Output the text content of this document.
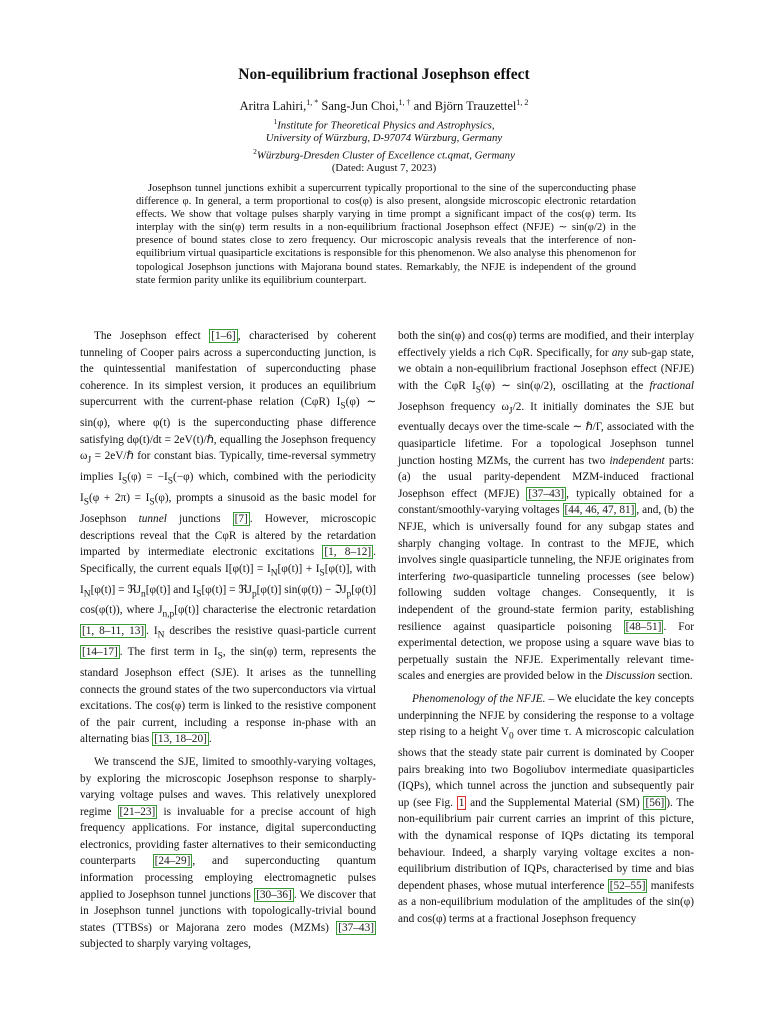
Non-equilibrium fractional Josephson effect
Aritra Lahiri,$^{1, *}$ Sang-Jun Choi,$^{1, \dagger}$ and Björn Trauzettel$^{1, 2}$
$^1$Institute for Theoretical Physics and Astrophysics,
University of Würzburg, D-97074 Würzburg, Germany
$^2$Würzburg-Dresden Cluster of Excellence ct.qmat, Germany
(Dated: August 7, 2023)

Josephson tunnel junctions exhibit a supercurrent typically proportional to the sine of the superconducting phase difference φ. In general, a term proportional to cos(φ) is also present, alongside microscopic electronic retardation effects. We show that voltage pulses sharply varying in time prompt a significant impact of the cos(φ) term. Its interplay with the sin(φ) term results in a non-equilibrium fractional Josephson effect (NFJE) ∼ sin(φ/2) in the presence of bound states close to zero frequency. Our microscopic analysis reveals that the interference of non-equilibrium virtual quasiparticle excitations is responsible for this phenomenon. We also analyse this phenomenon for topological Josephson junctions with Majorana bound states. Remarkably, the NFJE is independent of the ground state fermion parity unlike its equilibrium counterpart.

The Josephson effect [1–6] , characterised by coherent tunneling of Cooper pairs across a superconducting junction, is the quintessential manifestation of superconducting phase coherence. In its simplest version, it produces an equilibrium supercurrent with the current-phase relation (CφR) $I_S(\varphi)$ ∼ sin(φ), where φ(t) is the superconducting phase difference satisfying dφ(t)/dt = 2eV(t)/ℏ, equalling the Josephson frequency $\omega_J$ = 2eV/ℏ for constant bias. Typically, time-reversal symmetry implies $I_S(\varphi) = -I_S(-\varphi)$ which, combined with the periodicity $I_S(\varphi + 2\pi) = I_S(\varphi)$, prompts a sinusoid as the basic model for Josephson tunnel junctions [7] . However, microscopic descriptions reveal that the CφR is altered by the retardation imparted by intermediate electronic excitations [1, 8–12] . Specifically, the current equals $I[\varphi(t)] = I_N[\varphi(t)] + I_S[\varphi(t)]$, with $I_N[\varphi(t)]$ = ℜJ$_n$[φ(t)] and $I_S[\varphi(t)]$ = ℜJ$_p$[φ(t)] sin(φ(t)) − ℑJ$_p$[φ(t)] cos(φ(t)), where $J_{n,p}[\varphi(t)]$ characterise the electronic retardation [1, 8–11, 13] . $I_N$ describes the resistive quasi-particle current [14–17] . The first term in $I_S$, the sin(φ) term, represents the standard Josephson effect (SJE). It arises as the tunnelling connects the ground states of the two superconductors via virtual excitations. The cos(φ) term is linked to the resistive component of the pair current, including a response in-phase with an alternating bias [13, 18–20] .

We transcend the SJE, limited to smoothly-varying voltages, by exploring the microscopic Josephson response to sharply-varying voltage pulses and waves. This relatively unexplored regime [21–23] is invaluable for a precise account of high frequency applications. For instance, digital superconducting electronics, providing faster alternatives to their semiconducting counterparts [24–29] , and superconducting quantum information processing employing electromagnetic pulses applied to Josephson tunnel junctions [30–36] . We discover that in Josephson tunnel junctions with topologically-trivial bound states (TTBSs) or Majorana zero modes (MZMs) [37–43] subjected to sharply varying voltages,

both the sin(φ) and cos(φ) terms are modified, and their interplay effectively yields a rich CφR. Specifically, for any sub-gap state, we obtain a non-equilibrium fractional Josephson effect (NFJE) with the CφR $I_S(\varphi)$ ∼ sin(φ/2), oscillating at the fractional Josephson frequency $\omega_J/2$. It initially dominates the SJE but eventually decays over the time-scale ∼ ℏ/Γ, associated with the quasiparticle lifetime. For a topological Josephson tunnel junction hosting MZMs, the current has two independent parts: (a) the usual parity-dependent MZM-induced fractional Josephson effect (MFJE) [37–43] , typically obtained for a constant/smoothly-varying voltages [44, 46, 47, 81] , and, (b) the NFJE, which is universally found for any subgap states and sharply changing voltage. In contrast to the MFJE, which involves single quasiparticle tunneling, the NFJE originates from interfering two-quasiparticle tunneling processes (see below) following sudden voltage changes. Consequently, it is independent of the ground-state fermion parity, establishing resilience against quasiparticle poisoning [48–51] . For experimental detection, we propose using a square wave bias to perpetually sustain the NFJE. Experimentally relevant time-scales and energies are provided below in the Discussion section.

Phenomenology of the NFJE. – We elucidate the key concepts underpinning the NFJE by considering the response to a voltage step rising to a height $V_0$ over time τ. A microscopic calculation shows that the steady state pair current is dominated by Cooper pairs breaking into two Bogoliubov intermediate quasiparticles (IQPs), which tunnel across the junction and subsequently pair up (see Fig. 1 and the Supplemental Material (SM) [56] ). The non-equilibrium pair current carries an imprint of this picture, with the dynamical response of IQPs dictating its temporal behaviour. Indeed, a sharply varying voltage excites a non-equilibrium distribution of IQPs, characterised by time and bias dependent phases, whose mutual interference [52–55] manifests as a non-equilibrium modulation of the amplitudes of the sin(φ) and cos(φ) terms at a fractional Josephson frequency
